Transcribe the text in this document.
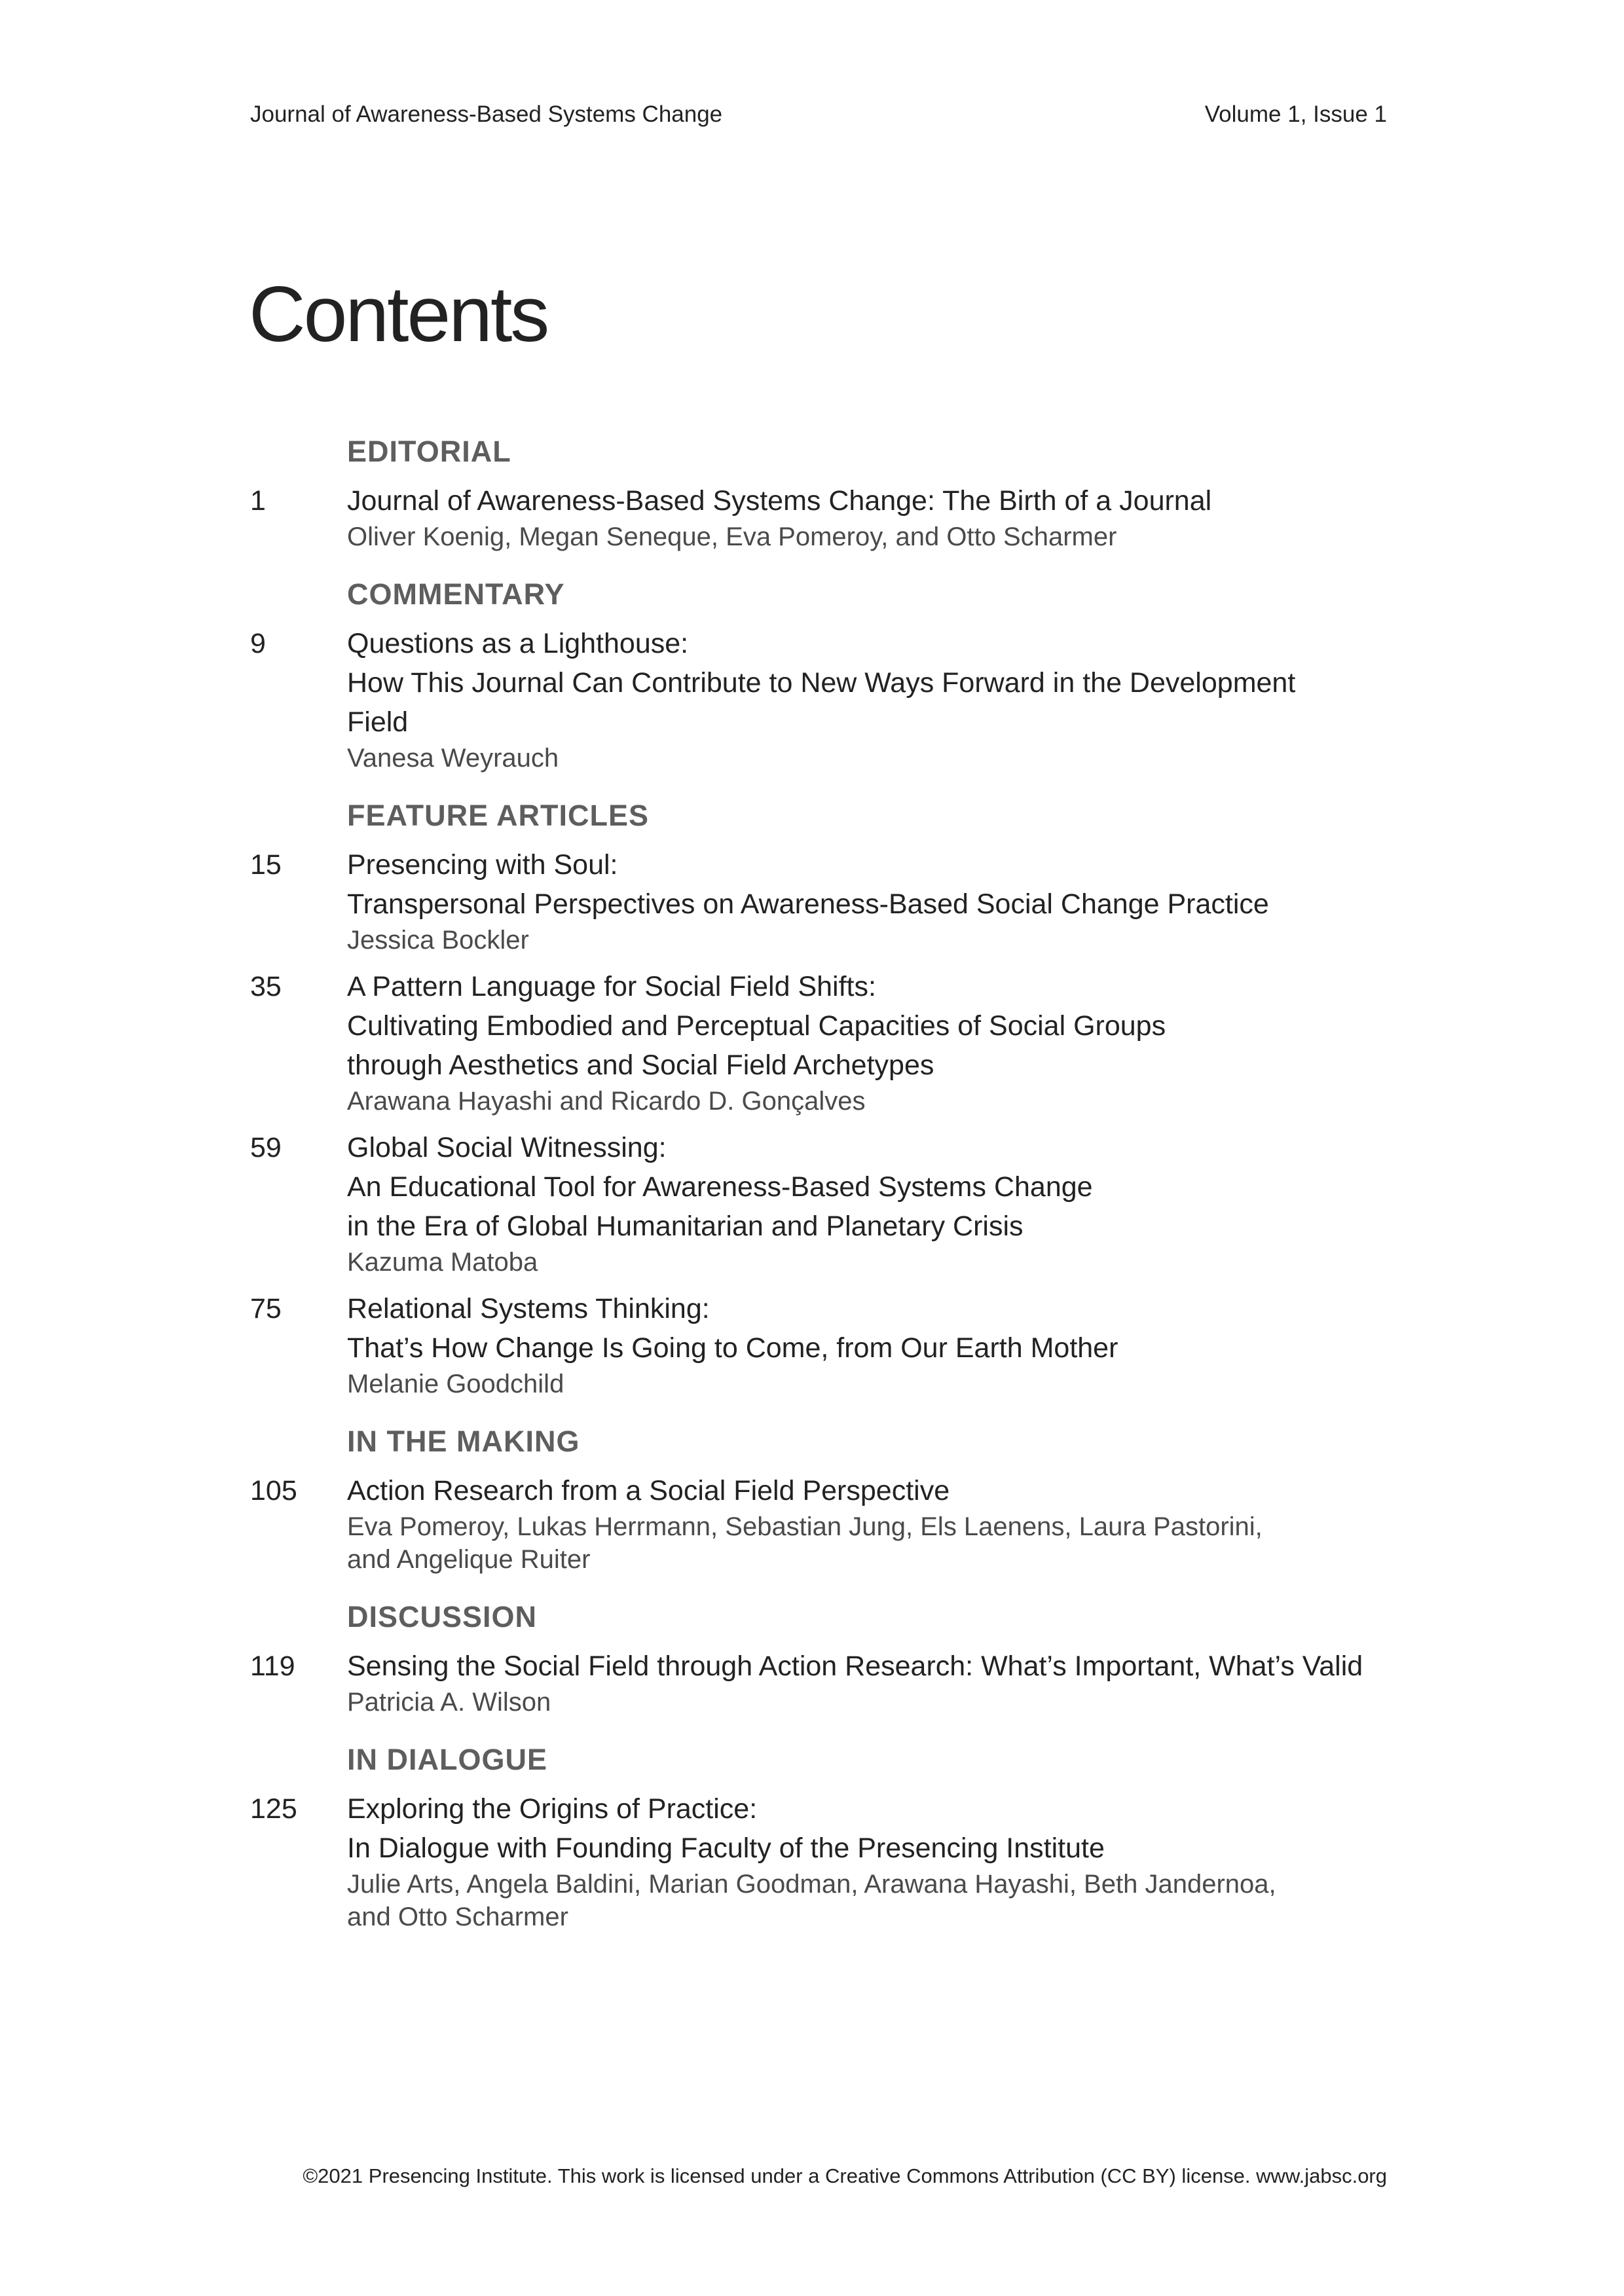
Journal of Awareness-Based Systems Change	Volume 1, Issue 1
Contents
EDITORIAL
1	Journal of Awareness-Based Systems Change: The Birth of a Journal
Oliver Koenig, Megan Seneque, Eva Pomeroy, and Otto Scharmer
COMMENTARY
9	Questions as a Lighthouse:
How This Journal Can Contribute to New Ways Forward in the Development Field
Vanesa Weyrauch
FEATURE ARTICLES
15 Presencing with Soul:
Transpersonal Perspectives on Awareness-Based Social Change Practice
Jessica Bockler
35 A Pattern Language for Social Field Shifts:
Cultivating Embodied and Perceptual Capacities of Social Groups
through Aesthetics and Social Field Archetypes
Arawana Hayashi and Ricardo D. Gonçalves
59 Global Social Witnessing:
An Educational Tool for Awareness-Based Systems Change
in the Era of Global Humanitarian and Planetary Crisis
Kazuma Matoba
75 Relational Systems Thinking:
That’s How Change Is Going to Come, from Our Earth Mother
Melanie Goodchild
IN THE MAKING
105 Action Research from a Social Field Perspective
Eva Pomeroy, Lukas Herrmann, Sebastian Jung, Els Laenens, Laura Pastorini,
and Angelique Ruiter
DISCUSSION
119 Sensing the Social Field through Action Research: What’s Important, What’s Valid
Patricia A. Wilson
IN DIALOGUE
125 Exploring the Origins of Practice:
In Dialogue with Founding Faculty of the Presencing Institute
Julie Arts, Angela Baldini, Marian Goodman, Arawana Hayashi, Beth Jandernoa,
and Otto Scharmer
©2021 Presencing Institute. This work is licensed under a Creative Commons Attribution (CC BY) license. www.jabsc.org
